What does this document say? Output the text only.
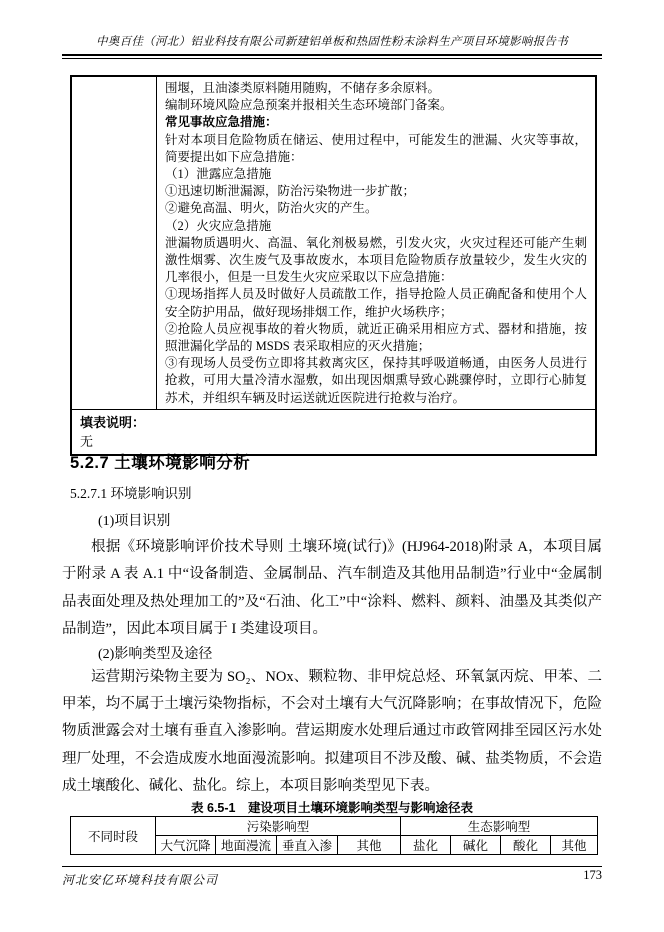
中奥百佳（河北）铝业科技有限公司新建铝单板和热固性粉末涂料生产项目环境影响报告书
围堰，且油漆类原料随用随购，不储存多余原料。
编制环境风险应急预案并报相关生态环境部门备案。
常见事故应急措施：
针对本项目危险物质在储运、使用过程中，可能发生的泄漏、火灾等事故，简要提出如下应急措施：
（1）泄露应急措施
①迅速切断泄漏源，防治污染物进一步扩散；
②避免高温、明火，防治火灾的产生。
（2）火灾应急措施
泄漏物质遇明火、高温、氧化剂极易燃，引发火灾，火灾过程还可能产生刺激性烟雾、次生废气及事故废水，本项目危险物质存放量较少，发生火灾的几率很小，但是一旦发生火灾应采取以下应急措施：
①现场指挥人员及时做好人员疏散工作，指导抢险人员正确配备和使用个人安全防护用品，做好现场排烟工作，维护火场秩序；
②抢险人员应视事故的着火物质，就近正确采用相应方式、器材和措施，按照泄漏化学品的 MSDS 表采取相应的灭火措施；
③有现场人员受伤立即将其救离灾区，保持其呼吸道畅通，由医务人员进行抢救，可用大量冷清水湿敷，如出现因烟熏导致心跳骤停时，立即行心肺复苏术，并组织车辆及时运送就近医院进行抢救与治疗。
填表说明：
无
5.2.7 土壤环境影响分析
5.2.7.1 环境影响识别
(1)项目识别
根据《环境影响评价技术导则 土壤环境(试行)》(HJ964-2018)附录 A，本项目属于附录 A 表 A.1 中“设备制造、金属制品、汽车制造及其他用品制造”行业中“金属制品表面处理及热处理加工的”及“石油、化工”中“涂料、燃料、颜料、油墨及其类似产品制造”，因此本项目属于 I 类建设项目。
(2)影响类型及途径
运营期污染物主要为 SO₂、NOx、颗粒物、非甲烷总烃、环氧氯丙烷、甲苯、二甲苯，均不属于土壤污染物指标，不会对土壤有大气沉降影响；在事故情况下，危险物质泄露会对土壤有垂直入渗影响。营运期废水处理后通过市政管网排至园区污水处理厂处理，不会造成废水地面漫流影响。拟建项目不涉及酸、碱、盐类物质，不会造成土壤酸化、碱化、盐化。综上，本项目影响类型见下表。
表 6.5-1　建设项目土壤环境影响类型与影响途径表
不同时段	污染影响型				生态影响型			
	大气沉降	地面漫流	垂直入渗	其他	盐化	碱化	酸化	其他
河北安亿环境科技有限公司	173
